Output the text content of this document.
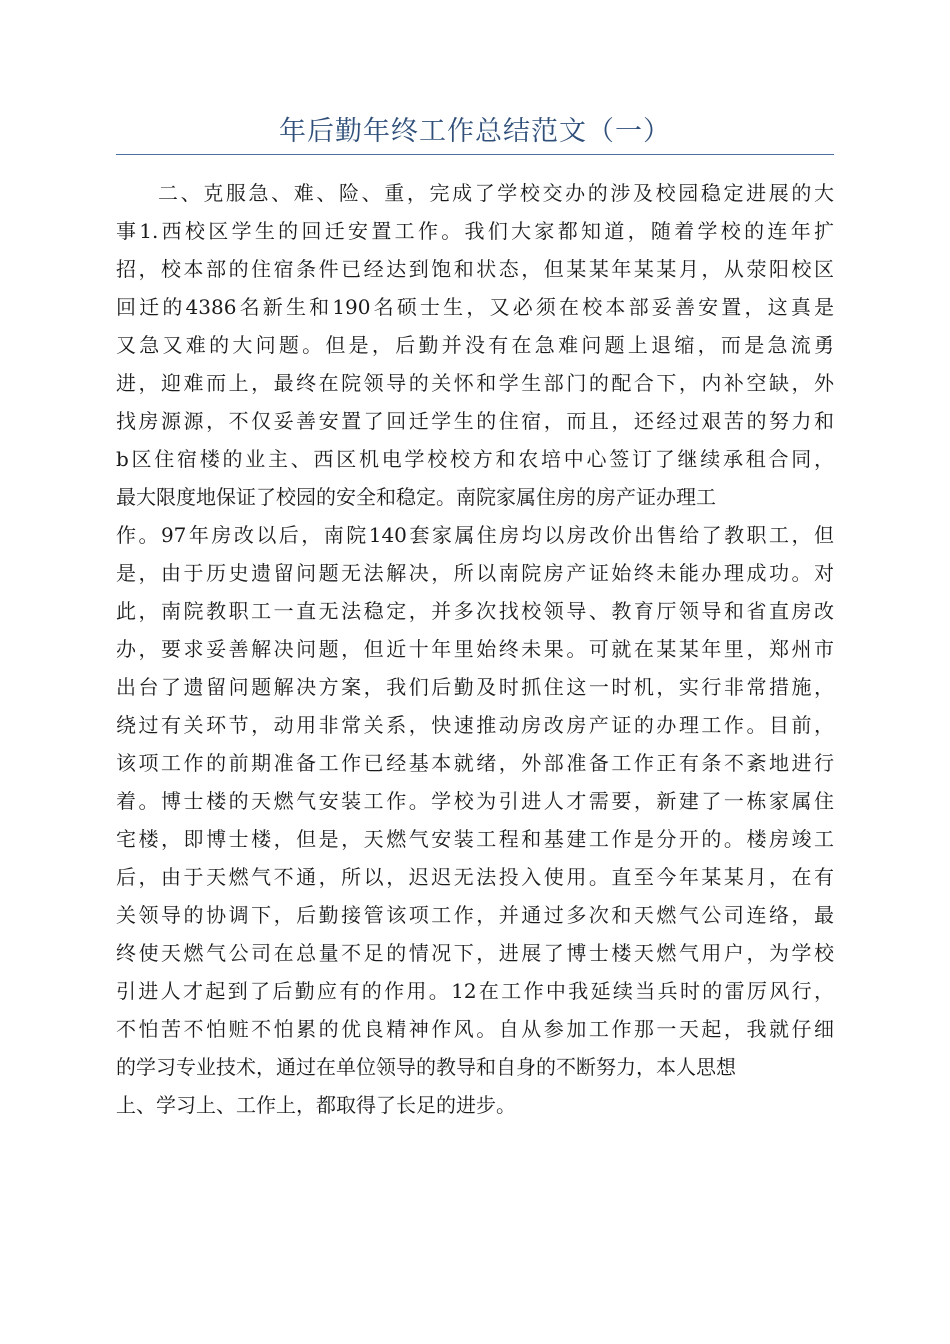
年后勤年终工作总结范文（一）
二、克服急、难、险、重，完成了学校交办的涉及校园稳定进展的大
事1.西校区学生的回迁安置工作。我们大家都知道，随着学校的连年扩
招，校本部的住宿条件已经达到饱和状态，但某某年某某月，从荥阳校区
回迁的4386名新生和190名硕士生，又必须在校本部妥善安置，这真是
又急又难的大问题。但是，后勤并没有在急难问题上退缩，而是急流勇
进，迎难而上，最终在院领导的关怀和学生部门的配合下，内补空缺，外
找房源源，不仅妥善安置了回迁学生的住宿，而且，还经过艰苦的努力和
b区住宿楼的业主、西区机电学校校方和农培中心签订了继续承租合同，
最大限度地保证了校园的安全和稳定。南院家属住房的房产证办理工
作。97年房改以后，南院140套家属住房均以房改价出售给了教职工，但
是，由于历史遗留问题无法解决，所以南院房产证始终未能办理成功。对
此，南院教职工一直无法稳定，并多次找校领导、教育厅领导和省直房改
办，要求妥善解决问题，但近十年里始终未果。可就在某某年里，郑州市
出台了遗留问题解决方案，我们后勤及时抓住这一时机，实行非常措施，
绕过有关环节，动用非常关系，快速推动房改房产证的办理工作。目前，
该项工作的前期准备工作已经基本就绪，外部准备工作正有条不紊地进行
着。博士楼的天燃气安装工作。学校为引进人才需要，新建了一栋家属住
宅楼，即博士楼，但是，天燃气安装工程和基建工作是分开的。楼房竣工
后，由于天燃气不通，所以，迟迟无法投入使用。直至今年某某月，在有
关领导的协调下，后勤接管该项工作，并通过多次和天燃气公司连络，最
终使天燃气公司在总量不足的情况下，进展了博士楼天燃气用户，为学校
引进人才起到了后勤应有的作用。12在工作中我延续当兵时的雷厉风行，
不怕苦不怕赃不怕累的优良精神作风。自从参加工作那一天起，我就仔细
的学习专业技术，通过在单位领导的教导和自身的不断努力，本人思想
上、学习上、工作上，都取得了长足的进步。
